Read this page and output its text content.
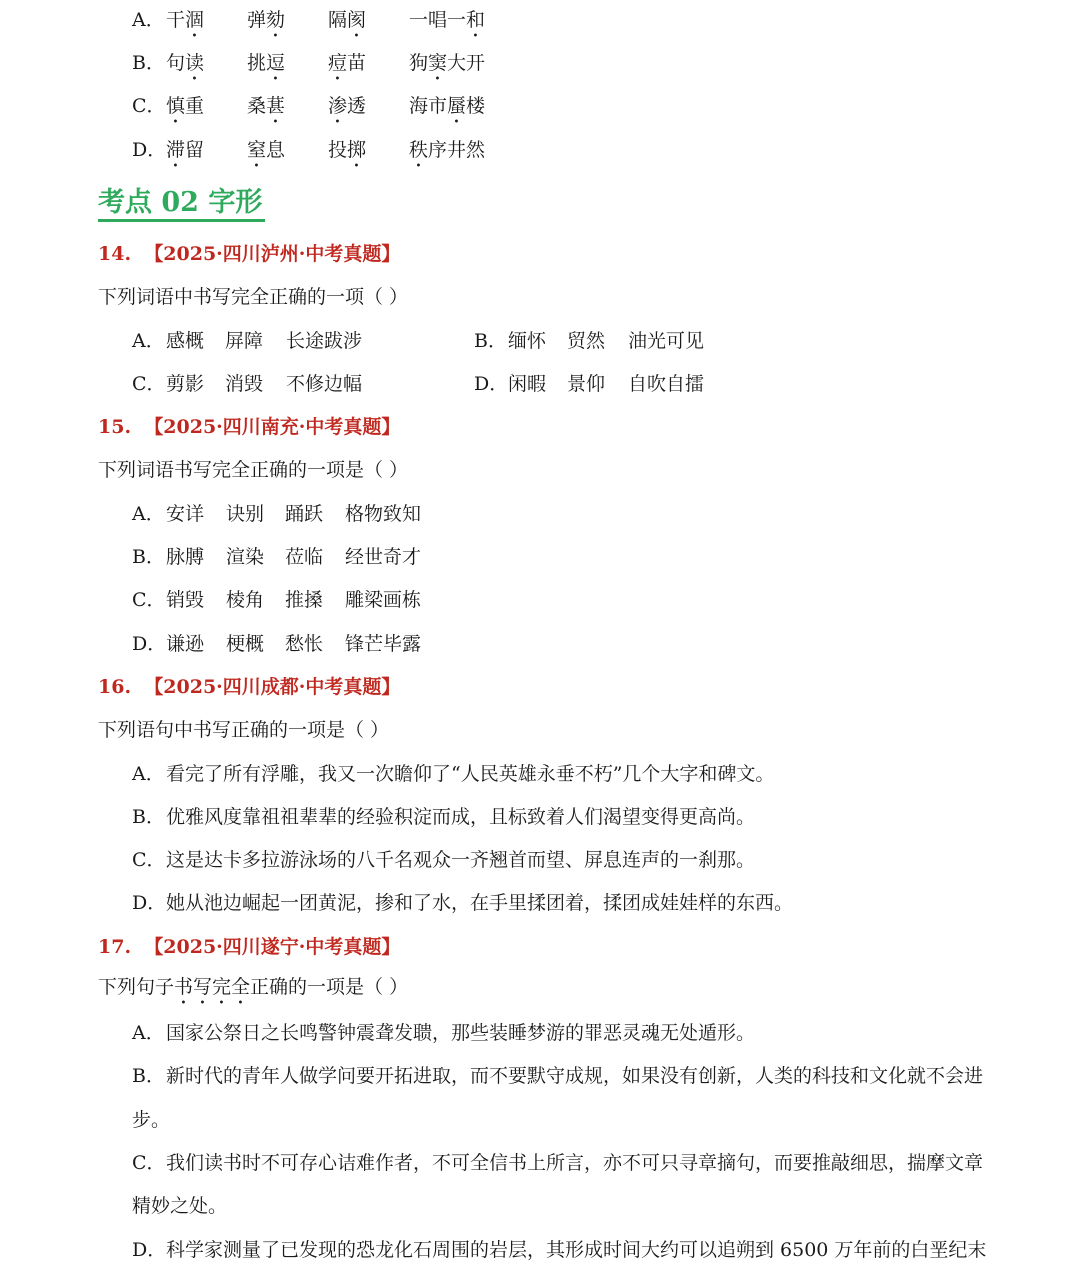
A． 干涸 弹劾 隔阂 一唱一和
B． 句读 挑逗 痘苗 狗窦大开
C． 慎重 桑葚 渗透 海市蜃楼
D． 滞留 窒息 投掷 秩序井然
考点 02 字形
14. 【2025·四川泸州·中考真题】
下列词语中书写完全正确的一项（ ）
A． 感概 屏障 长途跋涉	B． 缅怀 贸然 油光可见
C． 剪影 消毁 不修边幅	D． 闲暇 景仰 自吹自擂
15. 【2025·四川南充·中考真题】
下列词语书写完全正确的一项是（ ）
A． 安详 诀别 踊跃 格物致知
B． 脉膊 渲染 莅临 经世奇才
C． 销毁 棱角 推搡 雕梁画栋
D． 谦逊 梗概 愁怅 锋芒毕露
16. 【2025·四川成都·中考真题】
下列语句中书写正确的一项是（ ）
A．看完了所有浮雕，我又一次瞻仰了“人民英雄永垂不朽”几个大字和碑文。
B．优雅风度靠祖祖辈辈的经验积淀而成，且标致着人们渴望变得更高尚。
C．这是达卡多拉游泳场的八千名观众一齐翘首而望、屏息连声的一刹那。
D．她从池边崛起一团黄泥，掺和了水，在手里揉团着，揉团成娃娃样的东西。
17. 【2025·四川遂宁·中考真题】
下列句子书写完全正确的一项是（ ）
A．国家公祭日之长鸣警钟震聋发聩，那些装睡梦游的罪恶灵魂无处遁形。
B．新时代的青年人做学问要开拓进取，而不要默守成规，如果没有创新，人类的科技和文化就不会进
步。
C．我们读书时不可存心诘难作者，不可全信书上所言，亦不可只寻章摘句，而要推敲细思，揣摩文章
精妙之处。
D．科学家测量了已发现的恐龙化石周围的岩层，其形成时间大约可以追朔到 6500 万年前的白垩纪末
